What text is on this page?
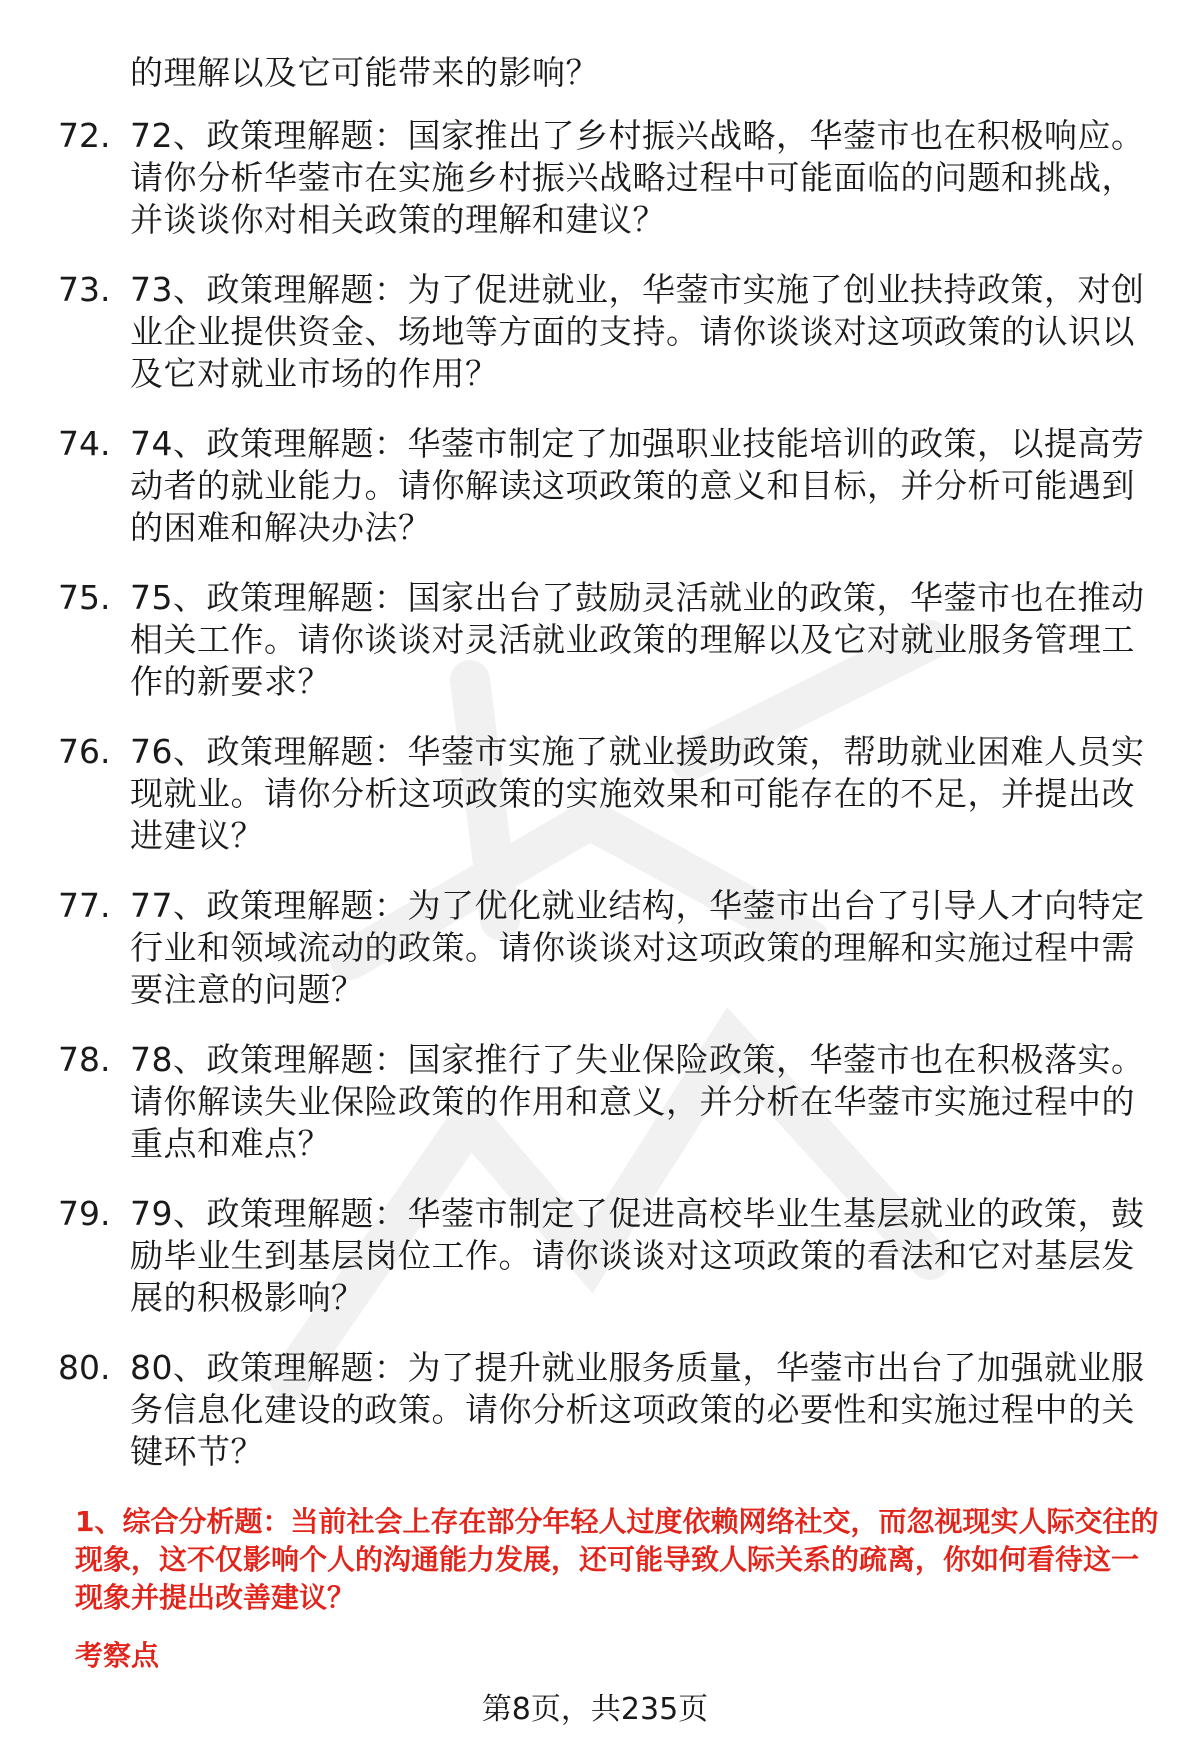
的理解以及它可能带来的影响？
72. 72、政策理解题：国家推出了乡村振兴战略，华蓥市也在积极响应。请你分析华蓥市在实施乡村振兴战略过程中可能面临的问题和挑战，并谈谈你对相关政策的理解和建议？
73. 73、政策理解题：为了促进就业，华蓥市实施了创业扶持政策，对创业企业提供资金、场地等方面的支持。请你谈谈对这项政策的认识以及它对就业市场的作用？
74. 74、政策理解题：华蓥市制定了加强职业技能培训的政策，以提高劳动者的就业能力。请你解读这项政策的意义和目标，并分析可能遇到的困难和解决办法？
75. 75、政策理解题：国家出台了鼓励灵活就业的政策，华蓥市也在推动相关工作。请你谈谈对灵活就业政策的理解以及它对就业服务管理工作的新要求？
76. 76、政策理解题：华蓥市实施了就业援助政策，帮助就业困难人员实现就业。请你分析这项政策的实施效果和可能存在的不足，并提出改进建议？
77. 77、政策理解题：为了优化就业结构，华蓥市出台了引导人才向特定行业和领域流动的政策。请你谈谈对这项政策的理解和实施过程中需要注意的问题？
78. 78、政策理解题：国家推行了失业保险政策，华蓥市也在积极落实。请你解读失业保险政策的作用和意义，并分析在华蓥市实施过程中的重点和难点？
79. 79、政策理解题：华蓥市制定了促进高校毕业生基层就业的政策，鼓励毕业生到基层岗位工作。请你谈谈对这项政策的看法和它对基层发展的积极影响？
80. 80、政策理解题：为了提升就业服务质量，华蓥市出台了加强就业服务信息化建设的政策。请你分析这项政策的必要性和实施过程中的关键环节？
1、综合分析题：当前社会上存在部分年轻人过度依赖网络社交，而忽视现实人际交往的现象，这不仅影响个人的沟通能力发展，还可能导致人际关系的疏离，你如何看待这一现象并提出改善建议？
考察点
第8页，共235页
